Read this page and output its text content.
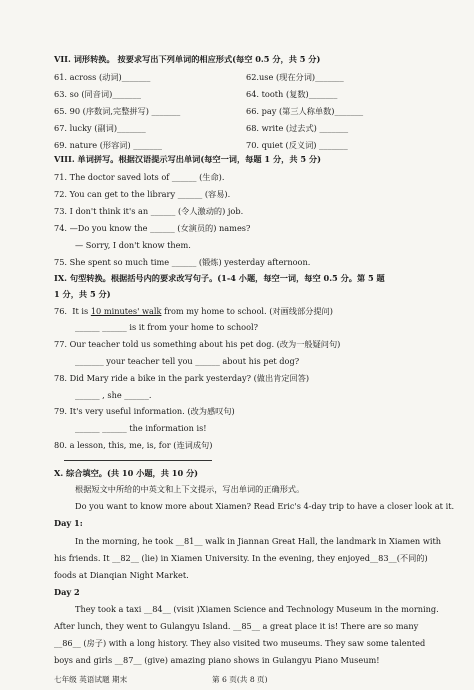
VII. 词形转换。 按要求写出下列单词的相应形式(每空 0.5 分，共 5 分)
61. across (动词)_______	62.use (现在分词)_______
63. so (同音词)_______	64. tooth (复数)_______
65. 90 (序数词,完整拼写) _______	66. pay (第三人称单数)_______
67. lucky (副词)_______	68. write (过去式) _______
69. nature (形容词) _______	70. quiet (反义词) _______
VIII. 单词拼写。根据汉语提示写出单词(每空一词，每题 1 分，共 5 分)
71. The doctor saved lots of ______ (生命).
72. You can get to the library ______ (容易).
73. I don't think it's an ______ (令人激动的) job.
74. —Do you know the ______ (女演员的) names?
— Sorry, I don't know them.
75. She spent so much time ______ (锻炼) yesterday afternoon.
IX. 句型转换。根据括号内的要求改写句子。(1-4 小题，每空一词，每空 0.5 分。第 5 题
1 分，共 5 分)
76. It is 10 minutes' walk from my home to school. (对画线部分提问)
______ ______ is it from your home to school?
77. Our teacher told us something about his pet dog. (改为一般疑问句)
_______ your teacher tell you ______ about his pet dog?
78. Did Mary ride a bike in the park yesterday? (做出肯定回答)
______ , she ______.
79. It's very useful information. (改为感叹句)
______ ______ the information is!
80. a lesson, this, me, is, for (连词成句)
X. 综合填空。(共 10 小题，共 10 分)
根据短文中所给的中英文和上下文提示，写出单词的正确形式。
Do you want to know more about Xiamen? Read Eric's 4-day trip to have a closer look at it.
Day 1:
In the morning, he took __81__ walk in Jiannan Great Hall, the landmark in Xiamen with
his friends. It __82__ (lie) in Xiamen University. In the evening, they enjoyed__83__(不同的)
foods at Dianqian Night Market.
Day 2
They took a taxi __84__ (visit )Xiamen Science and Technology Museum in the morning.
After lunch, they went to Gulangyu Island. __85__ a great place it is! There are so many
__86__ (房子) with a long history. They also visited two museums. They saw some talented
boys and girls __87__ (give) amazing piano shows in Gulangyu Piano Museum!
七年级 英语试题 期末	第 6 页(共 8 页)
